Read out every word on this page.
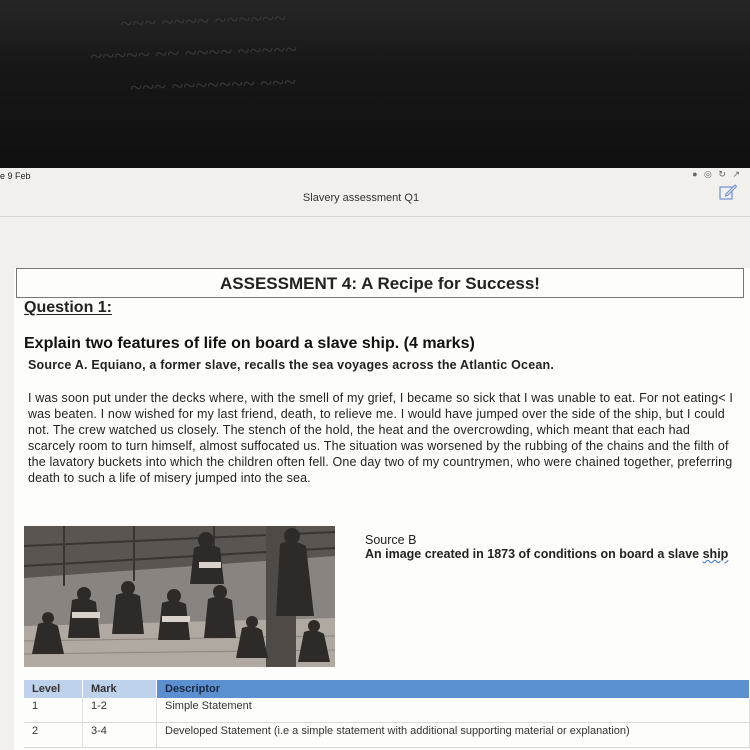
~~~ ~~~~ ~~~~~~
~~~~~ ~~ ~~~~ ~~~~~
~~~ ~~~~~~~ ~~~
e 9 Feb	● ◎ ↻ ↗
Slavery assessment Q1
ASSESSMENT 4: A Recipe for Success!
Question 1:
Explain two features of life on board a slave ship. (4 marks)
Source A. Equiano, a former slave, recalls the sea voyages across the Atlantic Ocean.
I was soon put under the decks where, with the smell of my grief, I became so sick that I was unable to eat. For not eating< I was beaten. I now wished for my last friend, death, to relieve me. I would have jumped over the side of the ship, but I could not. The crew watched us closely. The stench of the hold, the heat and the overcrowding, which meant that each had scarcely room to turn himself, almost suffocated us. The situation was worsened by the rubbing of the chains and the filth of the lavatory buckets into which the children often fell. One day two of my countrymen, who were chained together, preferring death to such a life of misery jumped into the sea.
Source B
An image created in 1873 of conditions on board a slave ship
Level	Mark	Descriptor
1	1-2	Simple Statement
2	3-4	Developed Statement (i.e a simple statement with additional supporting material or explanation)
